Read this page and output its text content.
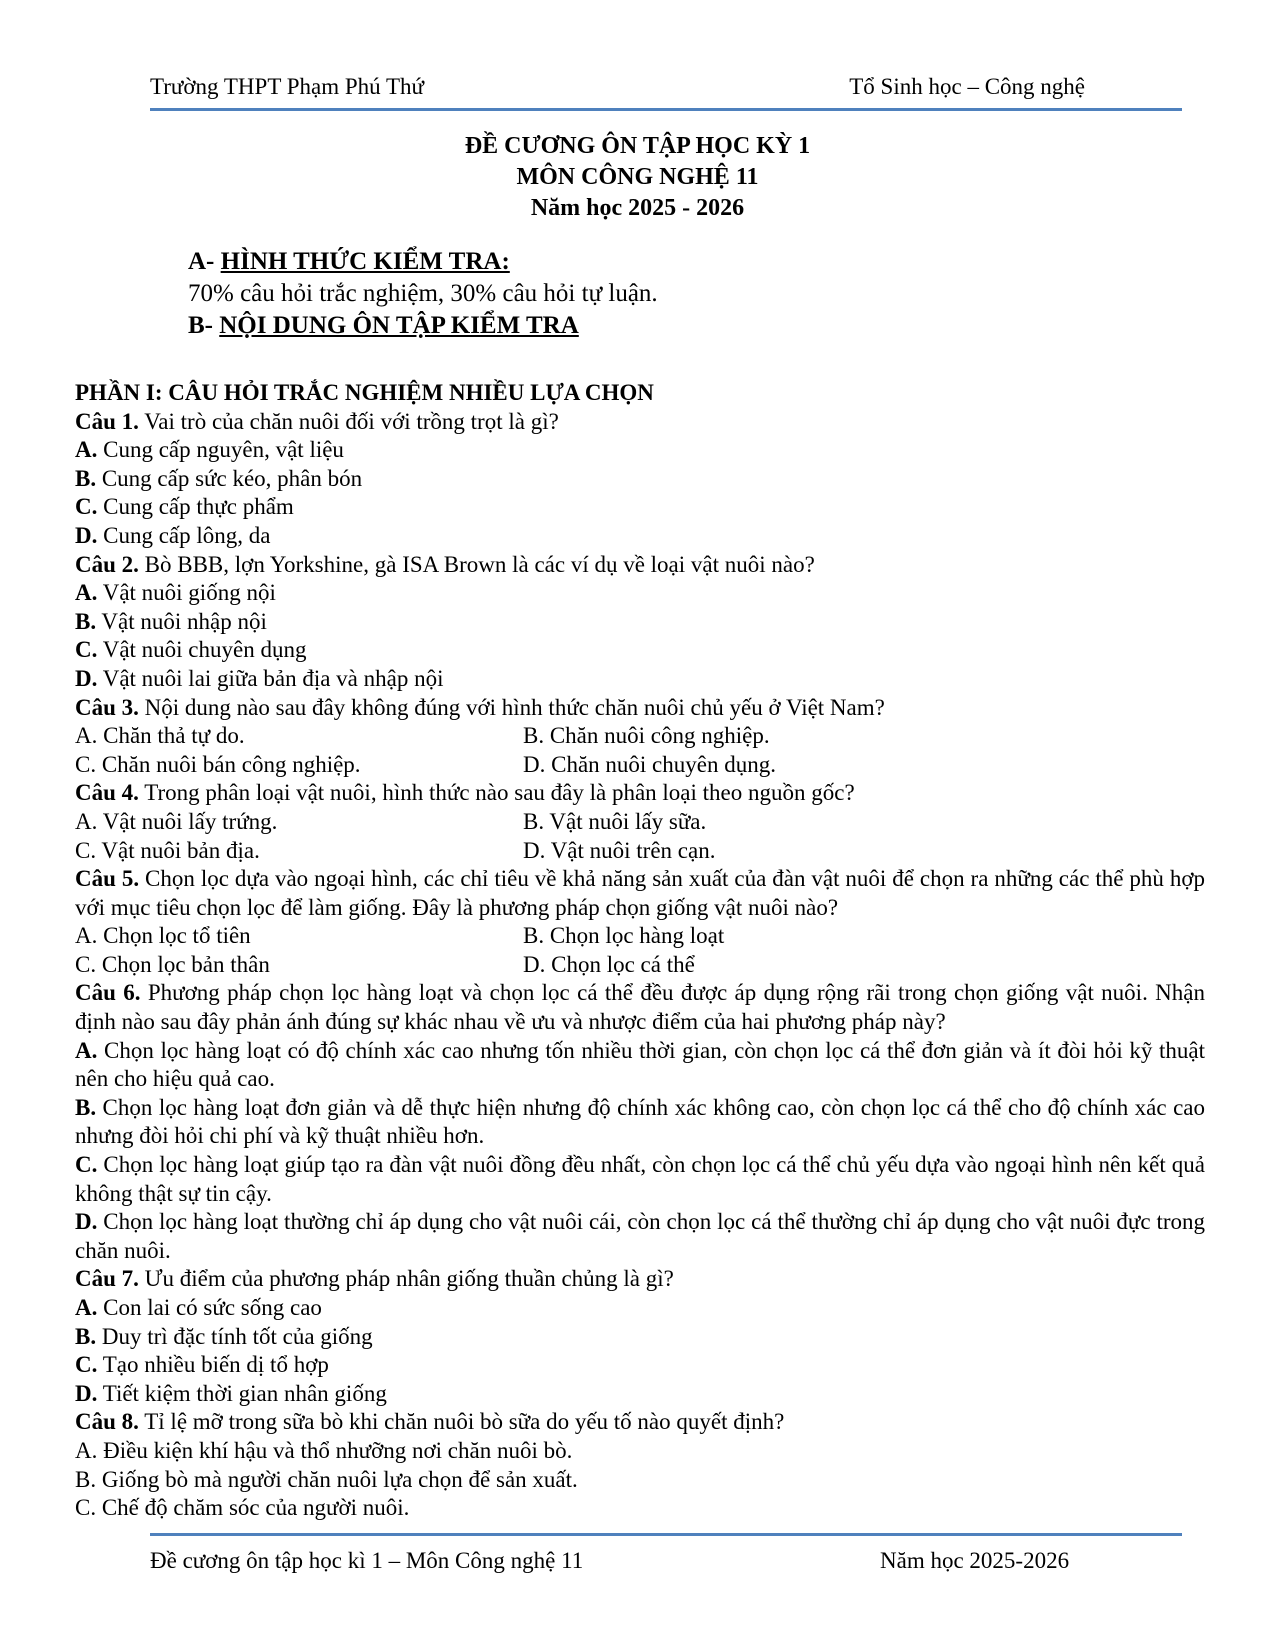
Trường THPT Phạm Phú Thứ	Tổ Sinh học – Công nghệ
ĐỀ CƯƠNG ÔN TẬP HỌC KỲ 1
MÔN CÔNG NGHỆ 11
Năm học 2025 - 2026
A- HÌNH THỨC KIỂM TRA:
70% câu hỏi trắc nghiệm, 30% câu hỏi tự luận.
B- NỘI DUNG ÔN TẬP KIỂM TRA

PHẦN I: CÂU HỎI TRẮC NGHIỆM NHIỀU LỰA CHỌN

Câu 1. Vai trò của chăn nuôi đối với trồng trọt là gì?

A. Cung cấp nguyên, vật liệu

B. Cung cấp sức kéo, phân bón

C. Cung cấp thực phẩm

D. Cung cấp lông, da

Câu 2. Bò BBB, lợn Yorkshine, gà ISA Brown là các ví dụ về loại vật nuôi nào?

A. Vật nuôi giống nội

B. Vật nuôi nhập nội

C. Vật nuôi chuyên dụng

D. Vật nuôi lai giữa bản địa và nhập nội

Câu 3. Nội dung nào sau đây không đúng với hình thức chăn nuôi chủ yếu ở Việt Nam?

A. Chăn thả tự do.	B. Chăn nuôi công nghiệp.
C. Chăn nuôi bán công nghiệp.	D. Chăn nuôi chuyên dụng.

Câu 4. Trong phân loại vật nuôi, hình thức nào sau đây là phân loại theo nguồn gốc?

A. Vật nuôi lấy trứng.	B. Vật nuôi lấy sữa.
C. Vật nuôi bản địa.	D. Vật nuôi trên cạn.

Câu 5. Chọn lọc dựa vào ngoại hình, các chỉ tiêu về khả năng sản xuất của đàn vật nuôi để chọn ra những các thể phù hợp với mục tiêu chọn lọc để làm giống. Đây là phương pháp chọn giống vật nuôi nào?

A. Chọn lọc tổ tiên	B. Chọn lọc hàng loạt
C. Chọn lọc bản thân	D. Chọn lọc cá thể

Câu 6. Phương pháp chọn lọc hàng loạt và chọn lọc cá thể đều được áp dụng rộng rãi trong chọn giống vật nuôi. Nhận định nào sau đây phản ánh đúng sự khác nhau về ưu và nhược điểm của hai phương pháp này?

A. Chọn lọc hàng loạt có độ chính xác cao nhưng tốn nhiều thời gian, còn chọn lọc cá thể đơn giản và ít đòi hỏi kỹ thuật nên cho hiệu quả cao.

B. Chọn lọc hàng loạt đơn giản và dễ thực hiện nhưng độ chính xác không cao, còn chọn lọc cá thể cho độ chính xác cao nhưng đòi hỏi chi phí và kỹ thuật nhiều hơn.

C. Chọn lọc hàng loạt giúp tạo ra đàn vật nuôi đồng đều nhất, còn chọn lọc cá thể chủ yếu dựa vào ngoại hình nên kết quả không thật sự tin cậy.

D. Chọn lọc hàng loạt thường chỉ áp dụng cho vật nuôi cái, còn chọn lọc cá thể thường chỉ áp dụng cho vật nuôi đực trong chăn nuôi.

Câu 7. Ưu điểm của phương pháp nhân giống thuần chủng là gì?

A. Con lai có sức sống cao

B. Duy trì đặc tính tốt của giống

C. Tạo nhiều biến dị tổ hợp

D. Tiết kiệm thời gian nhân giống

Câu 8. Tỉ lệ mỡ trong sữa bò khi chăn nuôi bò sữa do yếu tố nào quyết định?

A. Điều kiện khí hậu và thổ nhưỡng nơi chăn nuôi bò.

B. Giống bò mà người chăn nuôi lựa chọn để sản xuất.

C. Chế độ chăm sóc của người nuôi.

Đề cương ôn tập học kì 1 – Môn Công nghệ 11	Năm học 2025-2026
